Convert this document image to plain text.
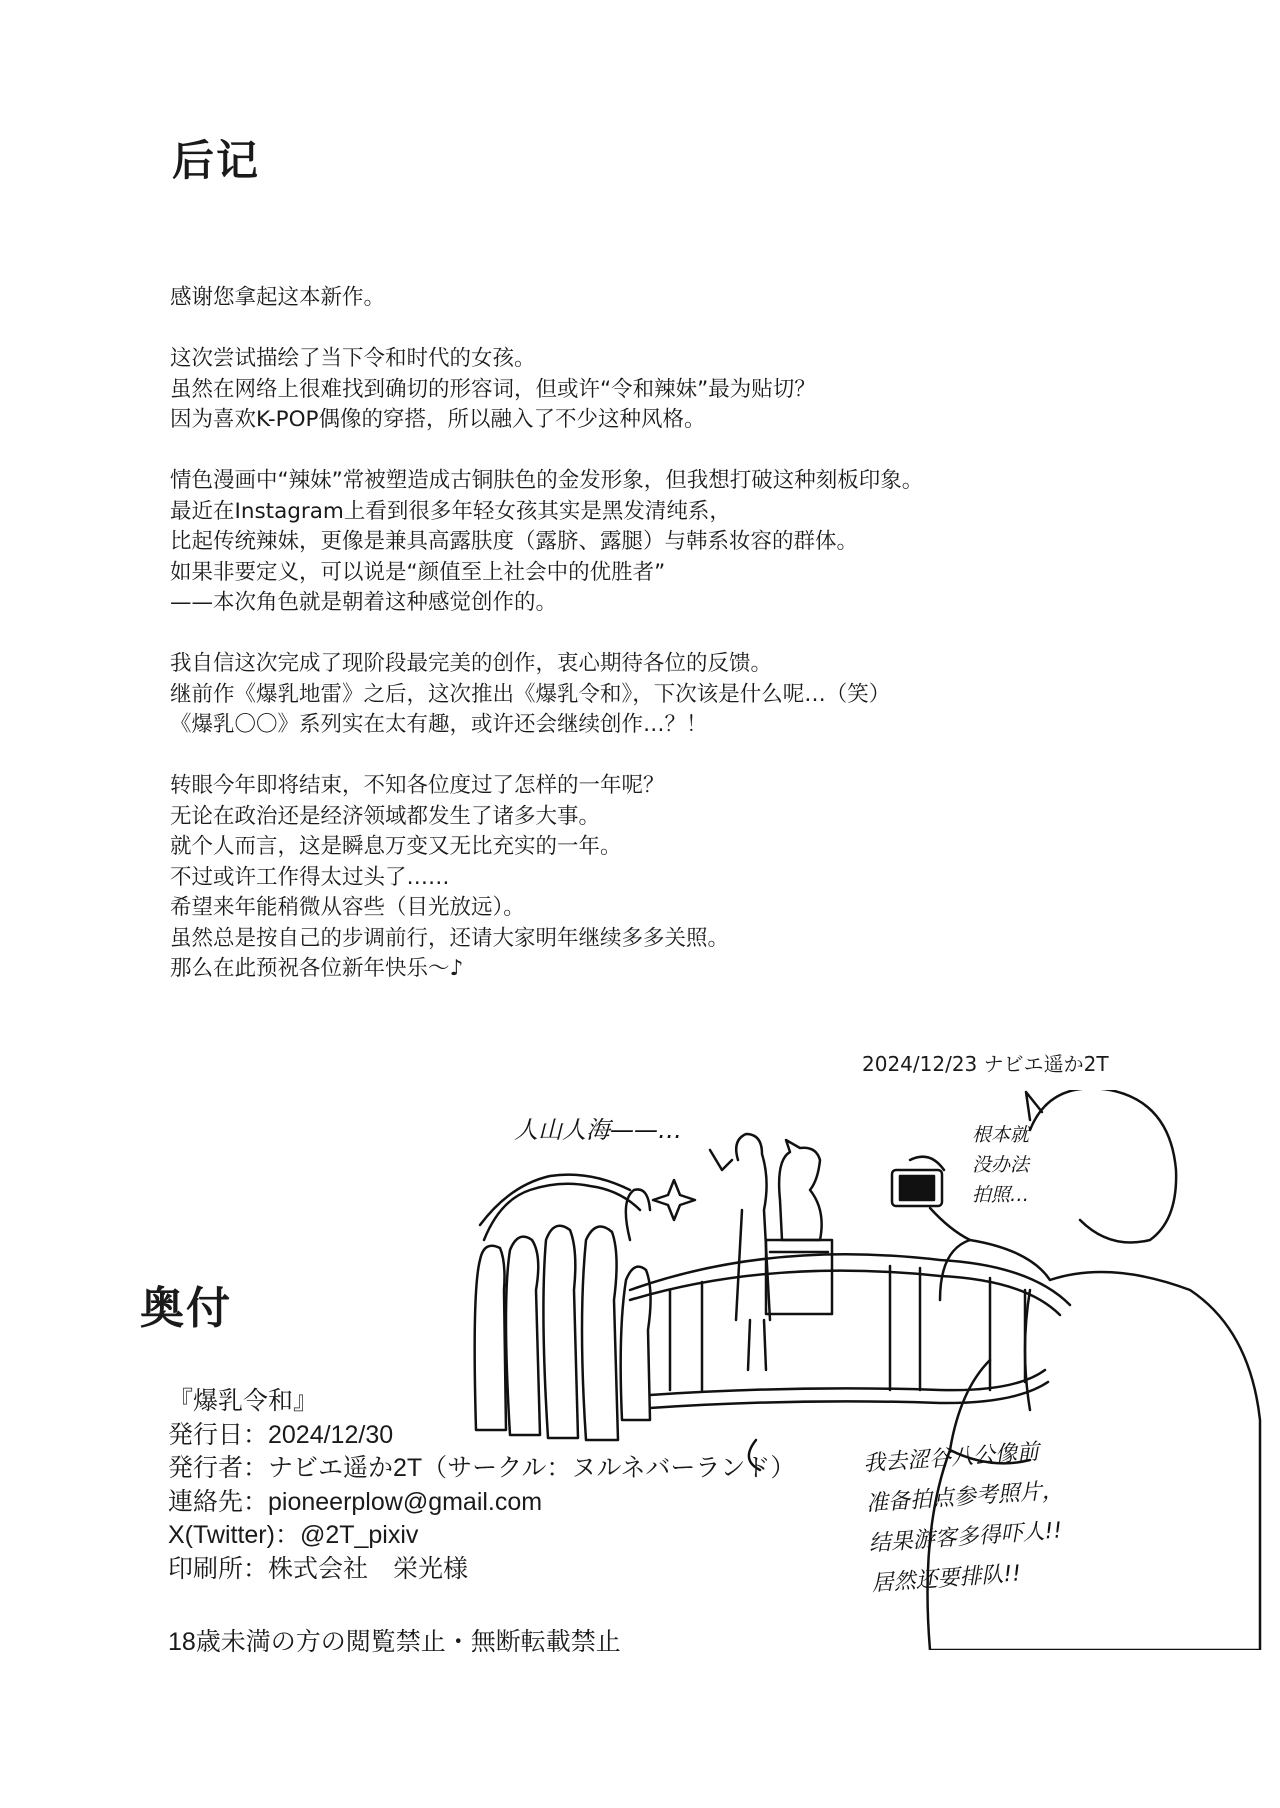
后记

感谢您拿起这本新作。

这次尝试描绘了当下令和时代的女孩。
虽然在网络上很难找到确切的形容词，但或许“令和辣妹”最为贴切？
因为喜欢K-POP偶像的穿搭，所以融入了不少这种风格。

情色漫画中“辣妹”常被塑造成古铜肤色的金发形象，但我想打破这种刻板印象。
最近在Instagram上看到很多年轻女孩其实是黑发清纯系，
比起传统辣妹，更像是兼具高露肤度（露脐、露腿）与韩系妆容的群体。
如果非要定义，可以说是“颜值至上社会中的优胜者”
——本次角色就是朝着这种感觉创作的。

我自信这次完成了现阶段最完美的创作，衷心期待各位的反馈。
继前作《爆乳地雷》之后，这次推出《爆乳令和》，下次该是什么呢…（笑）
《爆乳〇〇》系列实在太有趣，或许还会继续创作…？！

转眼今年即将结束，不知各位度过了怎样的一年呢？
无论在政治还是经济领域都发生了诸多大事。
就个人而言，这是瞬息万变又无比充实的一年。
不过或许工作得太过头了……
希望来年能稍微从容些（目光放远）。
虽然总是按自己的步调前行，还请大家明年继续多多关照。
那么在此预祝各位新年快乐～♪

2024/12/23 ナビエ遥か2T
人山人海——…	根本就
没办法
拍照…
我去涩谷八公像前
准备拍点参考照片，
结果游客多得吓人!!
居然还要排队!!
奥付
『爆乳令和』
発行日：2024/12/30
発行者：ナビエ遥か2T（サークル：ヌルネバーランド）
連絡先：pioneerplow@gmail.com
X(Twitter)：@2T_pixiv
印刷所：株式会社　栄光様
18歳未満の方の閲覧禁止・無断転載禁止
